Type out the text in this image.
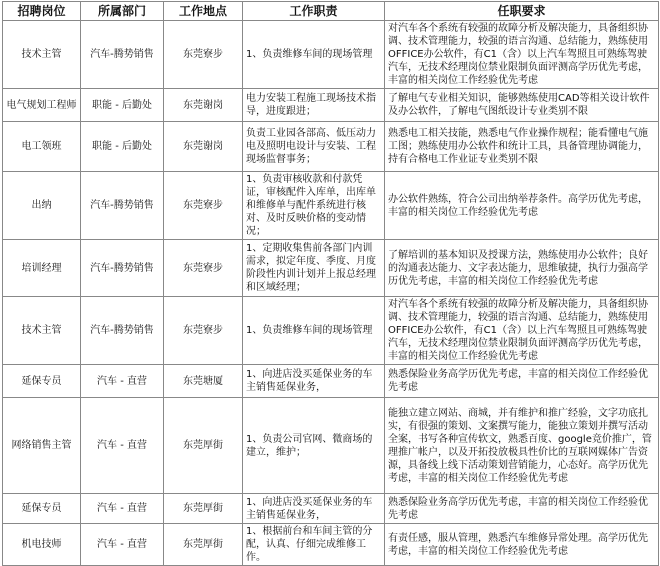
招聘岗位	所属部门	工作地点	工作职责	任职要求
技术主管	汽车-腾势销售	东莞寮步	1、负责维修车间的现场管理	对汽车各个系统有较强的故障分析及解决能力，具备组织协调、技术管理能力，较强的语言沟通、总结能力，熟练使用OFFICE办公软件，有C1（含）以上汽车驾照且可熟练驾驶汽车，无技术经理岗位禁业限制负面评测高学历优先考虑，丰富的相关岗位工作经验优先考虑
电气规划工程师	职能 - 后勤处	东莞谢岗	电力安装工程施工现场技术指导，进度跟进；	了解电气专业相关知识，能够熟练使用CAD等相关设计软件及办公软件，了解电气图纸设计专业类别不限
电工领班	职能 - 后勤处	东莞谢岗	负责工业园各部高、低压动力电及照明电设计与安装、工程现场监督事务；	熟悉电工相关技能，熟悉电气作业操作规程；能看懂电气施工图；熟练使用办公软件和统计工具，具备管理协调能力，持有合格电工作业证专业类别不限
出纳	汽车-腾势销售	东莞寮步	1、负责审核收款和付款凭证，审核配件入库单，出库单和维修单与配件系统进行核对、及时反映价格的变动情况；	办公软件熟练，符合公司出纳举荐条件。高学历优先考虑，丰富的相关岗位工作经验优先考虑
培训经理	汽车-腾势销售	东莞寮步	1、定期收集售前各部门内训需求，拟定年度、季度、月度阶段性内训计划并上报总经理和区域经理；	了解培训的基本知识及授课方法，熟练使用办公软件；良好的沟通表达能力、文字表达能力，思维敏捷，执行力强高学历优先考虑，丰富的相关岗位工作经验优先考虑
技术主管	汽车-腾势销售	东莞寮步	1、负责维修车间的现场管理	对汽车各个系统有较强的故障分析及解决能力，具备组织协调、技术管理能力，较强的语言沟通、总结能力，熟练使用OFFICE办公软件，有C1（含）以上汽车驾照且可熟练驾驶汽车，无技术经理岗位禁业限制负面评测高学历优先考虑，丰富的相关岗位工作经验优先考虑
延保专员	汽车 - 直营	东莞塘厦	1、向进店没买延保业务的车主销售延保业务，	熟悉保险业务高学历优先考虑，丰富的相关岗位工作经验优先考虑
网络销售主管	汽车 - 直营	东莞厚街	1、负责公司官网、微商场的建立，维护；	能独立建立网站、商城，并有维护和推广经验，文字功底扎实，有很强的策划、文案撰写能力，能独立策划并撰写活动全案，书写各种宣传软文，熟悉百度、google竞价推广，管理推广帐户，以及开拓投放极具性价比的互联网媒体广告资源，具备线上线下活动策划营销能力，心态好。高学历优先考虑，丰富的相关岗位工作经验优先考虑
延保专员	汽车 - 直营	东莞厚街	1、向进店没买延保业务的车主销售延保业务，	熟悉保险业务高学历优先考虑，丰富的相关岗位工作经验优先考虑
机电技师	汽车 - 直营	东莞厚街	1、根据前台和车间主管的分配，认真、仔细完成维修工作。	有责任感，服从管理，熟悉汽车维修异常处理。高学历优先考虑，丰富的相关岗位工作经验优先考虑
